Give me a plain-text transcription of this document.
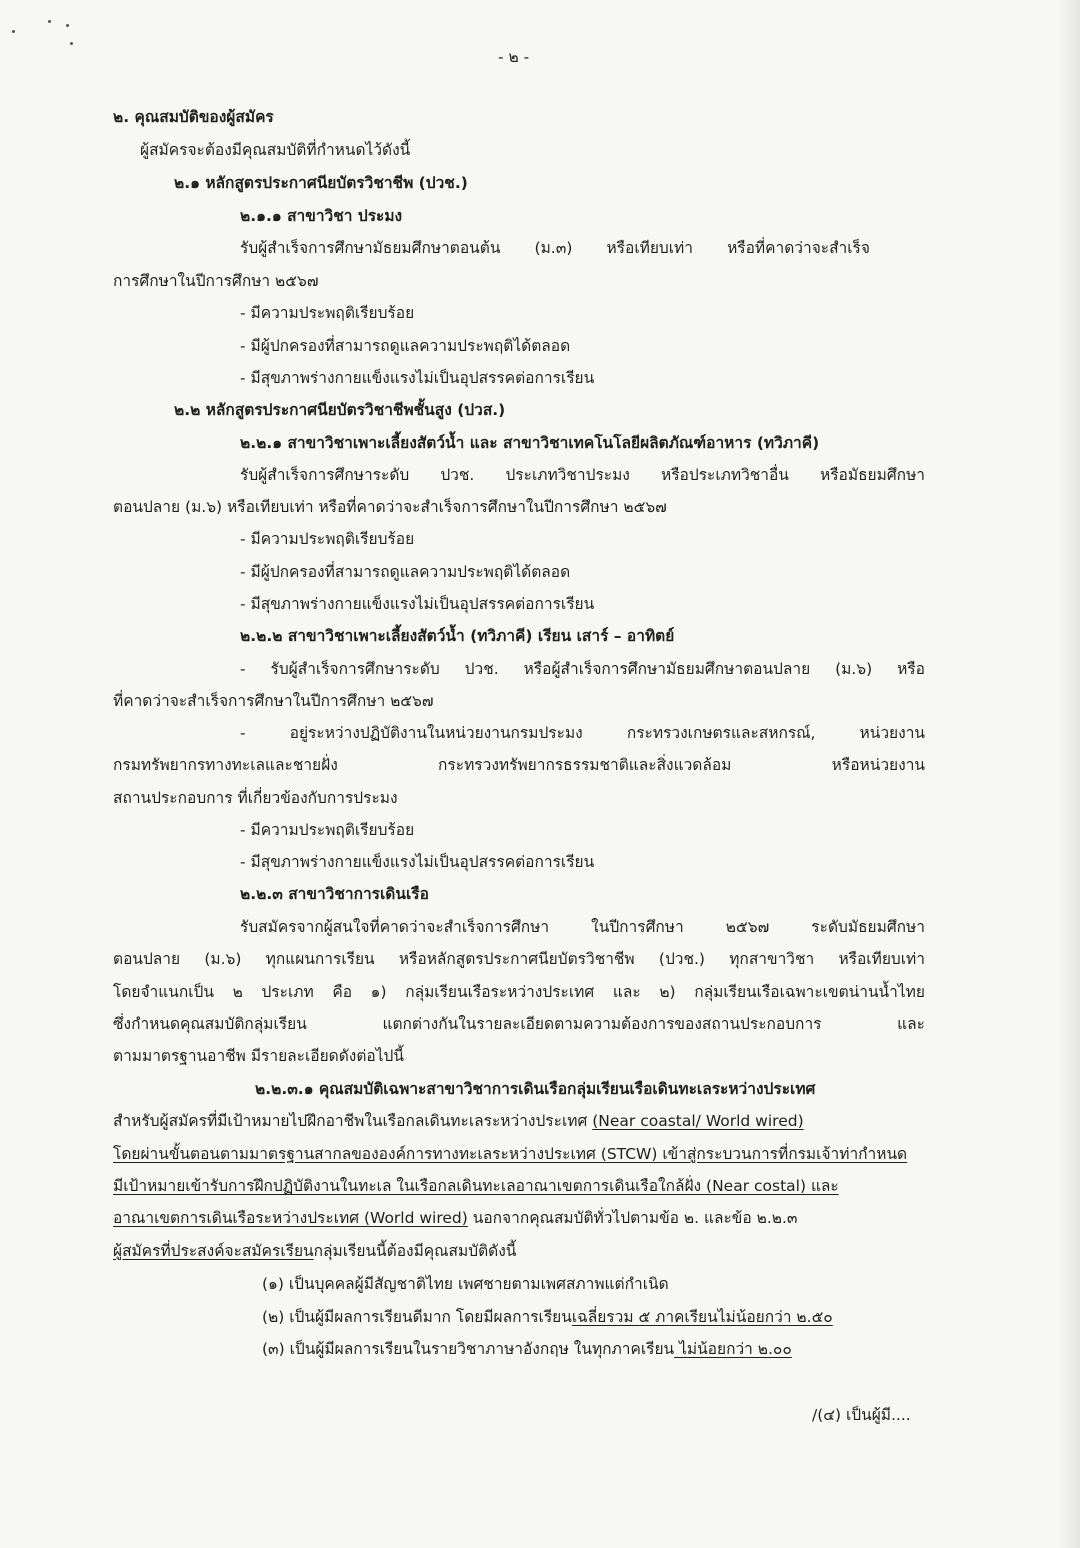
- ๒ -

๒. คุณสมบัติของผู้สมัคร

ผู้สมัครจะต้องมีคุณสมบัติที่กำหนดไว้ดังนี้

๒.๑ หลักสูตรประกาศนียบัตรวิชาชีพ (ปวช.)

๒.๑.๑ สาขาวิชา ประมง

รับผู้สำเร็จการศึกษามัธยมศึกษาตอนต้น (ม.๓) หรือเทียบเท่า หรือที่คาดว่าจะสำเร็จ

การศึกษาในปีการศึกษา ๒๕๖๗

- มีความประพฤติเรียบร้อย

- มีผู้ปกครองที่สามารถดูแลความประพฤติได้ตลอด

- มีสุขภาพร่างกายแข็งแรงไม่เป็นอุปสรรคต่อการเรียน

๒.๒ หลักสูตรประกาศนียบัตรวิชาชีพชั้นสูง (ปวส.)

๒.๒.๑ สาขาวิชาเพาะเลี้ยงสัตว์น้ำ และ สาขาวิชาเทคโนโลยีผลิตภัณฑ์อาหาร (ทวิภาคี)

รับผู้สำเร็จการศึกษาระดับ ปวช. ประเภทวิชาประมง หรือประเภทวิชาอื่น หรือมัธยมศึกษา

ตอนปลาย (ม.๖) หรือเทียบเท่า หรือที่คาดว่าจะสำเร็จการศึกษาในปีการศึกษา ๒๕๖๗

- มีความประพฤติเรียบร้อย

- มีผู้ปกครองที่สามารถดูแลความประพฤติได้ตลอด

- มีสุขภาพร่างกายแข็งแรงไม่เป็นอุปสรรคต่อการเรียน

๒.๒.๒ สาขาวิชาเพาะเลี้ยงสัตว์น้ำ (ทวิภาคี) เรียน เสาร์ – อาทิตย์

- รับผู้สำเร็จการศึกษาระดับ ปวช. หรือผู้สำเร็จการศึกษามัธยมศึกษาตอนปลาย (ม.๖) หรือ

ที่คาดว่าจะสำเร็จการศึกษาในปีการศึกษา ๒๕๖๗

-	อยู่ระหว่างปฏิบัติงานในหน่วยงานกรมประมง	กระทรวงเกษตรและสหกรณ์,	หน่วยงาน

กรมทรัพยากรทางทะเลและชายฝั่ง	กระทรวงทรัพยากรธรรมชาติและสิ่งแวดล้อม	หรือหน่วยงาน

สถานประกอบการ ที่เกี่ยวข้องกับการประมง

- มีความประพฤติเรียบร้อย

- มีสุขภาพร่างกายแข็งแรงไม่เป็นอุปสรรคต่อการเรียน

๒.๒.๓ สาขาวิชาการเดินเรือ

รับสมัครจากผู้สนใจที่คาดว่าจะสำเร็จการศึกษา	ในปีการศึกษา	๒๕๖๗	ระดับมัธยมศึกษา

ตอนปลาย (ม.๖) ทุกแผนการเรียน หรือหลักสูตรประกาศนียบัตรวิชาชีพ (ปวช.) ทุกสาขาวิชา หรือเทียบเท่า

โดยจำแนกเป็น ๒ ประเภท คือ ๑) กลุ่มเรียนเรือระหว่างประเทศ และ ๒) กลุ่มเรียนเรือเฉพาะเขตน่านน้ำไทย

ซึ่งกำหนดคุณสมบัติกลุ่มเรียน	แตกต่างกันในรายละเอียดตามความต้องการของสถานประกอบการ	และ

ตามมาตรฐานอาชีพ มีรายละเอียดดังต่อไปนี้

๒.๒.๓.๑ คุณสมบัติเฉพาะสาขาวิชาการเดินเรือกลุ่มเรียนเรือเดินทะเลระหว่างประเทศ

สำหรับผู้สมัครที่มีเป้าหมายไปฝึกอาชีพในเรือกลเดินทะเลระหว่างประเทศ (Near coastal/ World wired)

โดยผ่านขั้นตอนตามมาตรฐานสากลขององค์การทางทะเลระหว่างประเทศ (STCW) เข้าสู่กระบวนการที่กรมเจ้าท่ากำหนด

มีเป้าหมายเข้ารับการฝึกปฏิบัติงานในทะเล ในเรือกลเดินทะเลอาณาเขตการเดินเรือใกล้ฝั่ง (Near costal) และ

อาณาเขตการเดินเรือระหว่างประเทศ (World wired) นอกจากคุณสมบัติทั่วไปตามข้อ ๒. และข้อ ๒.๒.๓

ผู้สมัครที่ประสงค์จะสมัครเรียนกลุ่มเรียนนี้ต้องมีคุณสมบัติดังนี้

(๑) เป็นบุคคลผู้มีสัญชาติไทย เพศชายตามเพศสภาพแต่กำเนิด

(๒) เป็นผู้มีผลการเรียนดีมาก โดยมีผลการเรียนเฉลี่ยรวม ๕ ภาคเรียนไม่น้อยกว่า ๒.๕๐

(๓) เป็นผู้มีผลการเรียนในรายวิชาภาษาอังกฤษ ในทุกภาคเรียน ไม่น้อยกว่า ๒.๐๐

/(๔) เป็นผู้มี....
